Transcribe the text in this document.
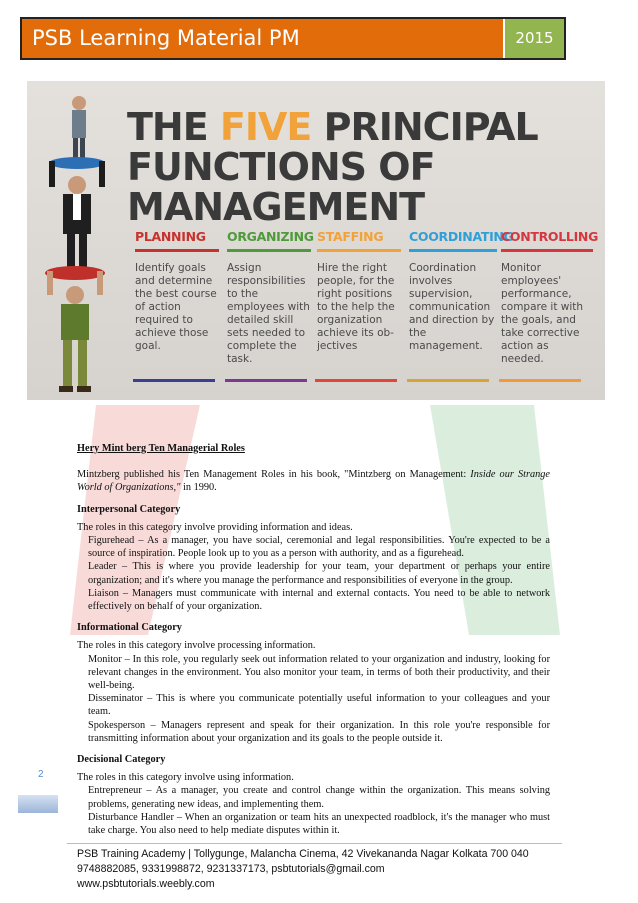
PSB Learning Material PM	2015
THE FIVE PRINCIPAL
FUNCTIONS OF MANAGEMENT
PLANNING
Identify goals and determine the best course of action required to achieve those goal.
ORGANIZING
Assign responsibilities to the employees with detailed skill sets needed to complete the task.
STAFFING
Hire the right people, for the right positions to the help the organization achieve its ob-jectives
COORDINATING
Coordination involves supervision, communication and direction by the management.
CONTROLLING
Monitor employees' performance, compare it with the goals, and take corrective action as needed.

Hery Mint berg Ten Managerial Roles

Mintzberg published his Ten Management Roles in his book, "Mintzberg on Management: Inside our Strange World of Organizations," in 1990.

Interpersonal Category

The roles in this category involve providing information and ideas.

Figurehead – As a manager, you have social, ceremonial and legal responsibilities. You're expected to be a source of inspiration. People look up to you as a person with authority, and as a figurehead.

Leader – This is where you provide leadership for your team, your department or perhaps your entire organization; and it's where you manage the performance and responsibilities of everyone in the group.

Liaison – Managers must communicate with internal and external contacts. You need to be able to network effectively on behalf of your organization.

Informational Category

The roles in this category involve processing information.

Monitor – In this role, you regularly seek out information related to your organization and industry, looking for relevant changes in the environment. You also monitor your team, in terms of both their productivity, and their well-being.

Disseminator – This is where you communicate potentially useful information to your colleagues and your team.

Spokesperson – Managers represent and speak for their organization. In this role you're responsible for transmitting information about your organization and its goals to the people outside it.

Decisional Category

The roles in this category involve using information.

Entrepreneur – As a manager, you create and control change within the organization. This means solving problems, generating new ideas, and implementing them.

Disturbance Handler – When an organization or team hits an unexpected roadblock, it's the manager who must take charge. You also need to help mediate disputes within it.

2

PSB Training Academy | Tollygunge, Malancha Cinema, 42 Vivekananda Nagar Kolkata 700 040

9748882085, 9331998872, 9231337173, psbtutorials@gmail.com

www.psbtutorials.weebly.com
